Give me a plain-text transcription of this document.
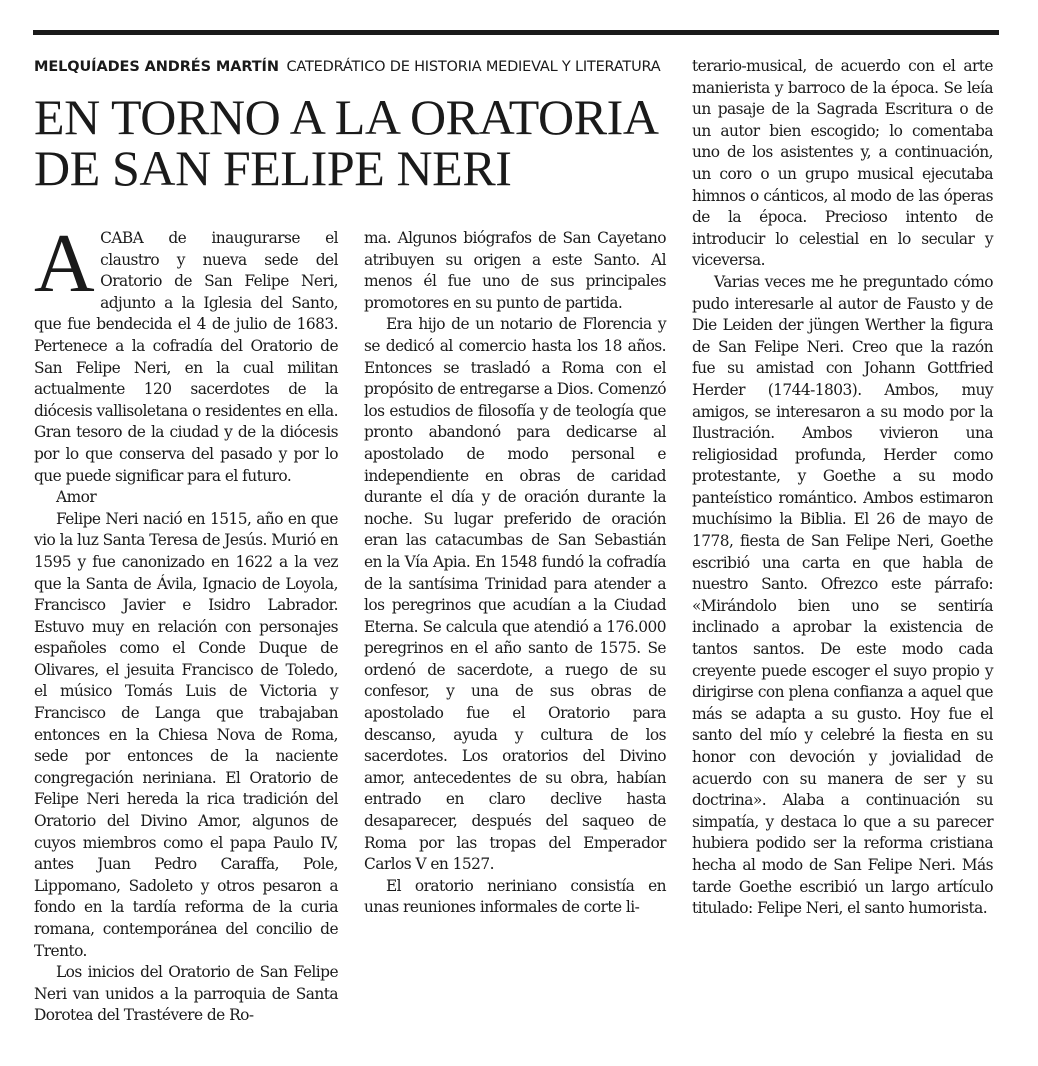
MELQUÍADES ANDRÉS MARTÍN CATEDRÁTICO DE HISTORIA MEDIEVAL Y LITERATURA
EN TORNO A LA ORATORIA
DE SAN FELIPE NERI

ACABA de inaugurarse el claustro y nueva sede del Oratorio de San Felipe Neri, adjunto a la Iglesia del Santo, que fue bendecida el 4 de julio de 1683. Pertenece a la cofradía del Oratorio de San Felipe Neri, en la cual militan actualmente 120 sacerdotes de la diócesis vallisoletana o residentes en ella. Gran tesoro de la ciudad y de la diócesis por lo que conserva del pasado y por lo que puede significar para el futuro.

Amor

Felipe Neri nació en 1515, año en que vio la luz Santa Teresa de Jesús. Murió en 1595 y fue canonizado en 1622 a la vez que la Santa de Ávila, Ignacio de Loyola, Francisco Javier e Isidro Labrador. Estuvo muy en relación con personajes españoles como el Conde Duque de Olivares, el jesuita Francisco de Toledo, el músico Tomás Luis de Victoria y Francisco de Langa que trabajaban entonces en la Chiesa Nova de Roma, sede por entonces de la naciente congregación neriniana. El Oratorio de Felipe Neri hereda la rica tradición del Oratorio del Divino Amor, algunos de cuyos miembros como el papa Paulo IV, antes Juan Pedro Caraffa, Pole, Lippomano, Sadoleto y otros pesaron a fondo en la tardía reforma de la curia romana, contemporánea del concilio de Trento.

Los inicios del Oratorio de San Felipe Neri van unidos a la parroquia de Santa Dorotea del Trastévere de Ro-

ma. Algunos biógrafos de San Cayetano atribuyen su origen a este Santo. Al menos él fue uno de sus principales promotores en su punto de partida.

Era hijo de un notario de Florencia y se dedicó al comercio hasta los 18 años. Entonces se trasladó a Roma con el propósito de entregarse a Dios. Comenzó los estudios de filosofía y de teología que pronto abandonó para dedicarse al apostolado de modo personal e independiente en obras de caridad durante el día y de oración durante la noche. Su lugar preferido de oración eran las catacumbas de San Sebastián en la Vía Apia. En 1548 fundó la cofradía de la santísima Trinidad para atender a los peregrinos que acudían a la Ciudad Eterna. Se calcula que atendió a 176.000 peregrinos en el año santo de 1575. Se ordenó de sacerdote, a ruego de su confesor, y una de sus obras de apostolado fue el Oratorio para descanso, ayuda y cultura de los sacerdotes. Los oratorios del Divino amor, antecedentes de su obra, habían entrado en claro declive hasta desaparecer, después del saqueo de Roma por las tropas del Emperador Carlos V en 1527.

El oratorio neriniano consistía en unas reuniones informales de corte li-

terario-musical, de acuerdo con el arte manierista y barroco de la época. Se leía un pasaje de la Sagrada Escritura o de un autor bien escogido; lo comentaba uno de los asistentes y, a continuación, un coro o un grupo musical ejecutaba himnos o cánticos, al modo de las óperas de la época. Precioso intento de introducir lo celestial en lo secular y viceversa.

Varias veces me he preguntado cómo pudo interesarle al autor de Fausto y de Die Leiden der jüngen Werther la figura de San Felipe Neri. Creo que la razón fue su amistad con Johann Gottfried Herder (1744-1803). Ambos, muy amigos, se interesaron a su modo por la Ilustración. Ambos vivieron una religiosidad profunda, Herder como protestante, y Goethe a su modo panteístico romántico. Ambos estimaron muchísimo la Biblia. El 26 de mayo de 1778, fiesta de San Felipe Neri, Goethe escribió una carta en que habla de nuestro Santo. Ofrezco este párrafo: «Mirándolo bien uno se sentiría inclinado a aprobar la existencia de tantos santos. De este modo cada creyente puede escoger el suyo propio y dirigirse con plena confianza a aquel que más se adapta a su gusto. Hoy fue el santo del mío y celebré la fiesta en su honor con devoción y jovialidad de acuerdo con su manera de ser y su doctrina». Alaba a continuación su simpatía, y destaca lo que a su parecer hubiera podido ser la reforma cristiana hecha al modo de San Felipe Neri. Más tarde Goethe escribió un largo artículo titulado: Felipe Neri, el santo humorista.
